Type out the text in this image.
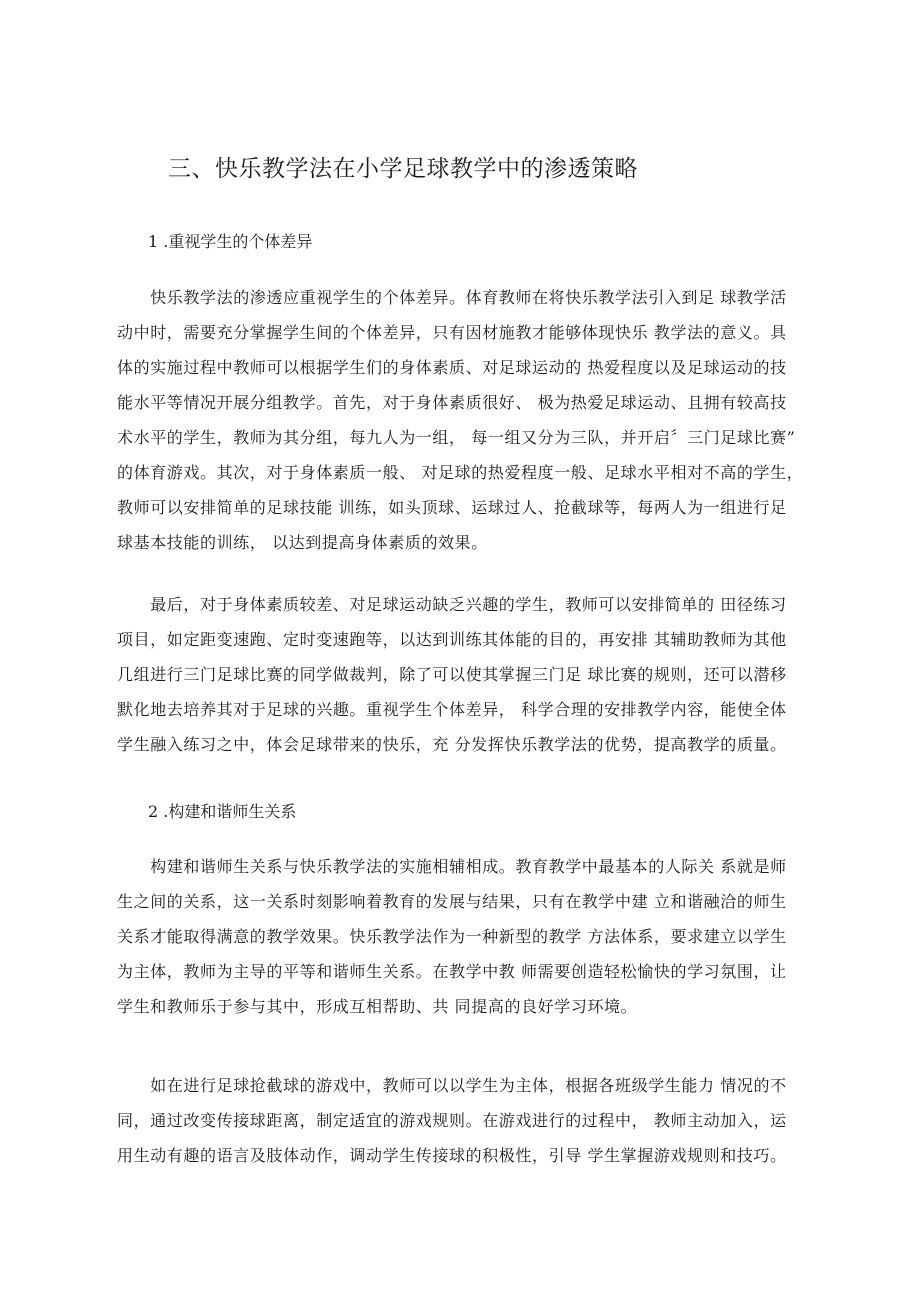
三、快乐教学法在小学足球教学中的渗透策略
1 .重视学生的个体差异

　　快乐教学法的渗透应重视学生的个体差异。体育教师在将快乐教学法引入到足 球教学活
动中时，需要充分掌握学生间的个体差异，只有因材施教才能够体现快乐 教学法的意义。具
体的实施过程中教师可以根据学生们的身体素质、对足球运动的 热爱程度以及足球运动的技
能水平等情况开展分组教学。首先，对于身体素质很好、 极为热爱足球运动、且拥有较高技
术水平的学生，教师为其分组，每九人为一组， 每一组又分为三队，并开启〞三门足球比赛”
的体育游戏。其次，对于身体素质一般、 对足球的热爱程度一般、足球水平相对不高的学生，
教师可以安排简单的足球技能 训练，如头顶球、运球过人、抢截球等，每两人为一组进行足
球基本技能的训练， 以达到提高身体素质的效果。

　　最后，对于身体素质较差、对足球运动缺乏兴趣的学生，教师可以安排简单的 田径练习
项目，如定距变速跑、定时变速跑等，以达到训练其体能的目的，再安排 其辅助教师为其他
几组进行三门足球比赛的同学做裁判，除了可以使其掌握三门足 球比赛的规则，还可以潜移
默化地去培养其对于足球的兴趣。重视学生个体差异， 科学合理的安排教学内容，能使全体
学生融入练习之中，体会足球带来的快乐，充 分发挥快乐教学法的优势，提高教学的质量。

2 .构建和谐师生关系

　　构建和谐师生关系与快乐教学法的实施相辅相成。教育教学中最基本的人际关 系就是师
生之间的关系，这一关系时刻影响着教育的发展与结果，只有在教学中建 立和谐融洽的师生
关系才能取得满意的教学效果。快乐教学法作为一种新型的教学 方法体系，要求建立以学生
为主体，教师为主导的平等和谐师生关系。在教学中教 师需要创造轻松愉快的学习氛围，让
学生和教师乐于参与其中，形成互相帮助、共 同提高的良好学习环境。

　　如在进行足球抢截球的游戏中，教师可以以学生为主体，根据各班级学生能力 情况的不
同，通过改变传接球距离，制定适宜的游戏规则。在游戏进行的过程中， 教师主动加入，运
用生动有趣的语言及肢体动作，调动学生传接球的积极性，引导 学生掌握游戏规则和技巧。
